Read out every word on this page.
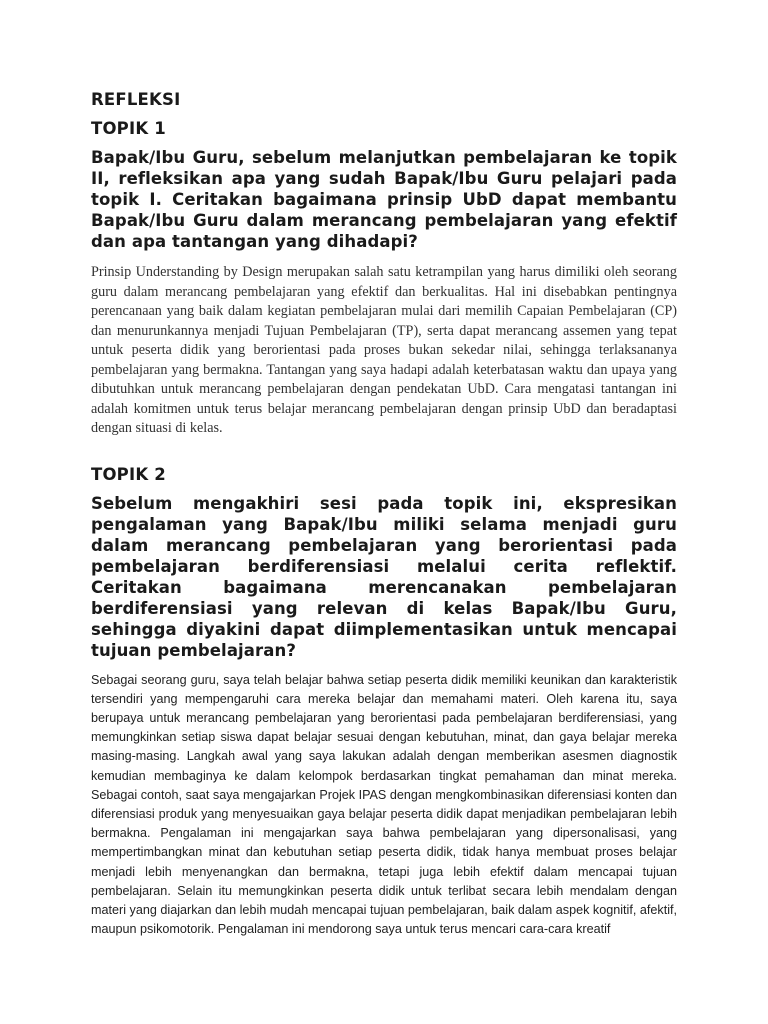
REFLEKSI
TOPIK 1

Bapak/Ibu Guru, sebelum melanjutkan pembelajaran ke topik II, refleksikan apa yang sudah Bapak/Ibu Guru pelajari pada topik I. Ceritakan bagaimana prinsip UbD dapat membantu Bapak/Ibu Guru dalam merancang pembelajaran yang efektif dan apa tantangan yang dihadapi?

Prinsip Understanding by Design merupakan salah satu ketrampilan yang harus dimiliki oleh seorang guru dalam merancang pembelajaran yang efektif dan berkualitas. Hal ini disebabkan pentingnya perencanaan yang baik dalam kegiatan pembelajaran mulai dari memilih Capaian Pembelajaran (CP) dan menurunkannya menjadi Tujuan Pembelajaran (TP), serta dapat merancang assemen yang tepat untuk peserta didik yang berorientasi pada proses bukan sekedar nilai, sehingga terlaksananya pembelajaran yang bermakna. Tantangan yang saya hadapi adalah keterbatasan waktu dan upaya yang dibutuhkan untuk merancang pembelajaran dengan pendekatan UbD. Cara mengatasi tantangan ini adalah komitmen untuk terus belajar merancang pembelajaran dengan prinsip UbD dan beradaptasi dengan situasi di kelas.

TOPIK 2

Sebelum mengakhiri sesi pada topik ini, ekspresikan pengalaman yang Bapak/Ibu miliki selama menjadi guru dalam merancang pembelajaran yang berorientasi pada pembelajaran berdiferensiasi melalui cerita reflektif. Ceritakan bagaimana merencanakan pembelajaran berdiferensiasi yang relevan di kelas Bapak/Ibu Guru, sehingga diyakini dapat diimplementasikan untuk mencapai tujuan pembelajaran?

Sebagai seorang guru, saya telah belajar bahwa setiap peserta didik memiliki keunikan dan karakteristik tersendiri yang mempengaruhi cara mereka belajar dan memahami materi. Oleh karena itu, saya berupaya untuk merancang pembelajaran yang berorientasi pada pembelajaran berdiferensiasi, yang memungkinkan setiap siswa dapat belajar sesuai dengan kebutuhan, minat, dan gaya belajar mereka masing-masing. Langkah awal yang saya lakukan adalah dengan memberikan asesmen diagnostik kemudian membaginya ke dalam kelompok berdasarkan tingkat pemahaman dan minat mereka. Sebagai contoh, saat saya mengajarkan Projek IPAS dengan mengkombinasikan diferensiasi konten dan diferensiasi produk yang menyesuaikan gaya belajar peserta didik dapat menjadikan pembelajaran lebih bermakna. Pengalaman ini mengajarkan saya bahwa pembelajaran yang dipersonalisasi, yang mempertimbangkan minat dan kebutuhan setiap peserta didik, tidak hanya membuat proses belajar menjadi lebih menyenangkan dan bermakna, tetapi juga lebih efektif dalam mencapai tujuan pembelajaran. Selain itu memungkinkan peserta didik untuk terlibat secara lebih mendalam dengan materi yang diajarkan dan lebih mudah mencapai tujuan pembelajaran, baik dalam aspek kognitif, afektif, maupun psikomotorik. Pengalaman ini mendorong saya untuk terus mencari cara-cara kreatif
